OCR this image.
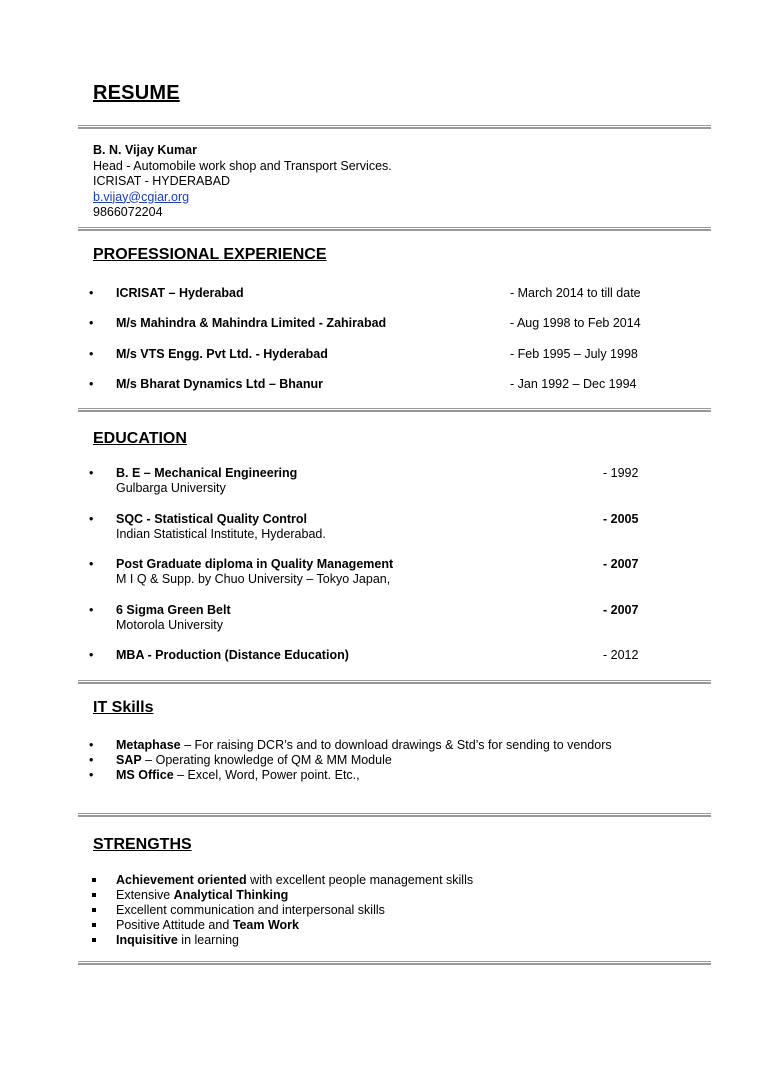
RESUME
B. N. Vijay Kumar
Head - Automobile work shop and Transport Services.
ICRISAT - HYDERABAD
b.vijay@cgiar.org
9866072204
PROFESSIONAL EXPERIENCE
• ICRISAT – Hyderabad	- March 2014 to till date
• M/s Mahindra & Mahindra Limited - Zahirabad	- Aug 1998 to Feb 2014
• M/s VTS Engg. Pvt Ltd. - Hyderabad	- Feb 1995 – July 1998
• M/s Bharat Dynamics Ltd – Bhanur	- Jan 1992 – Dec 1994
EDUCATION
• B. E – Mechanical Engineering	- 1992
Gulbarga University
• SQC - Statistical Quality Control	- 2005
Indian Statistical Institute, Hyderabad.
• Post Graduate diploma in Quality Management	- 2007
M I Q & Supp. by Chuo University – Tokyo Japan,
• 6 Sigma Green Belt	- 2007
Motorola University
• MBA - Production (Distance Education)	- 2012
IT Skills
• Metaphase – For raising DCR’s and to download drawings & Std’s for sending to vendors
• SAP – Operating knowledge of QM & MM Module
• MS Office – Excel, Word, Power point. Etc.,
STRENGTHS
Achievement oriented with excellent people management skills
Extensive Analytical Thinking
Excellent communication and interpersonal skills
Positive Attitude and Team Work
Inquisitive in learning
